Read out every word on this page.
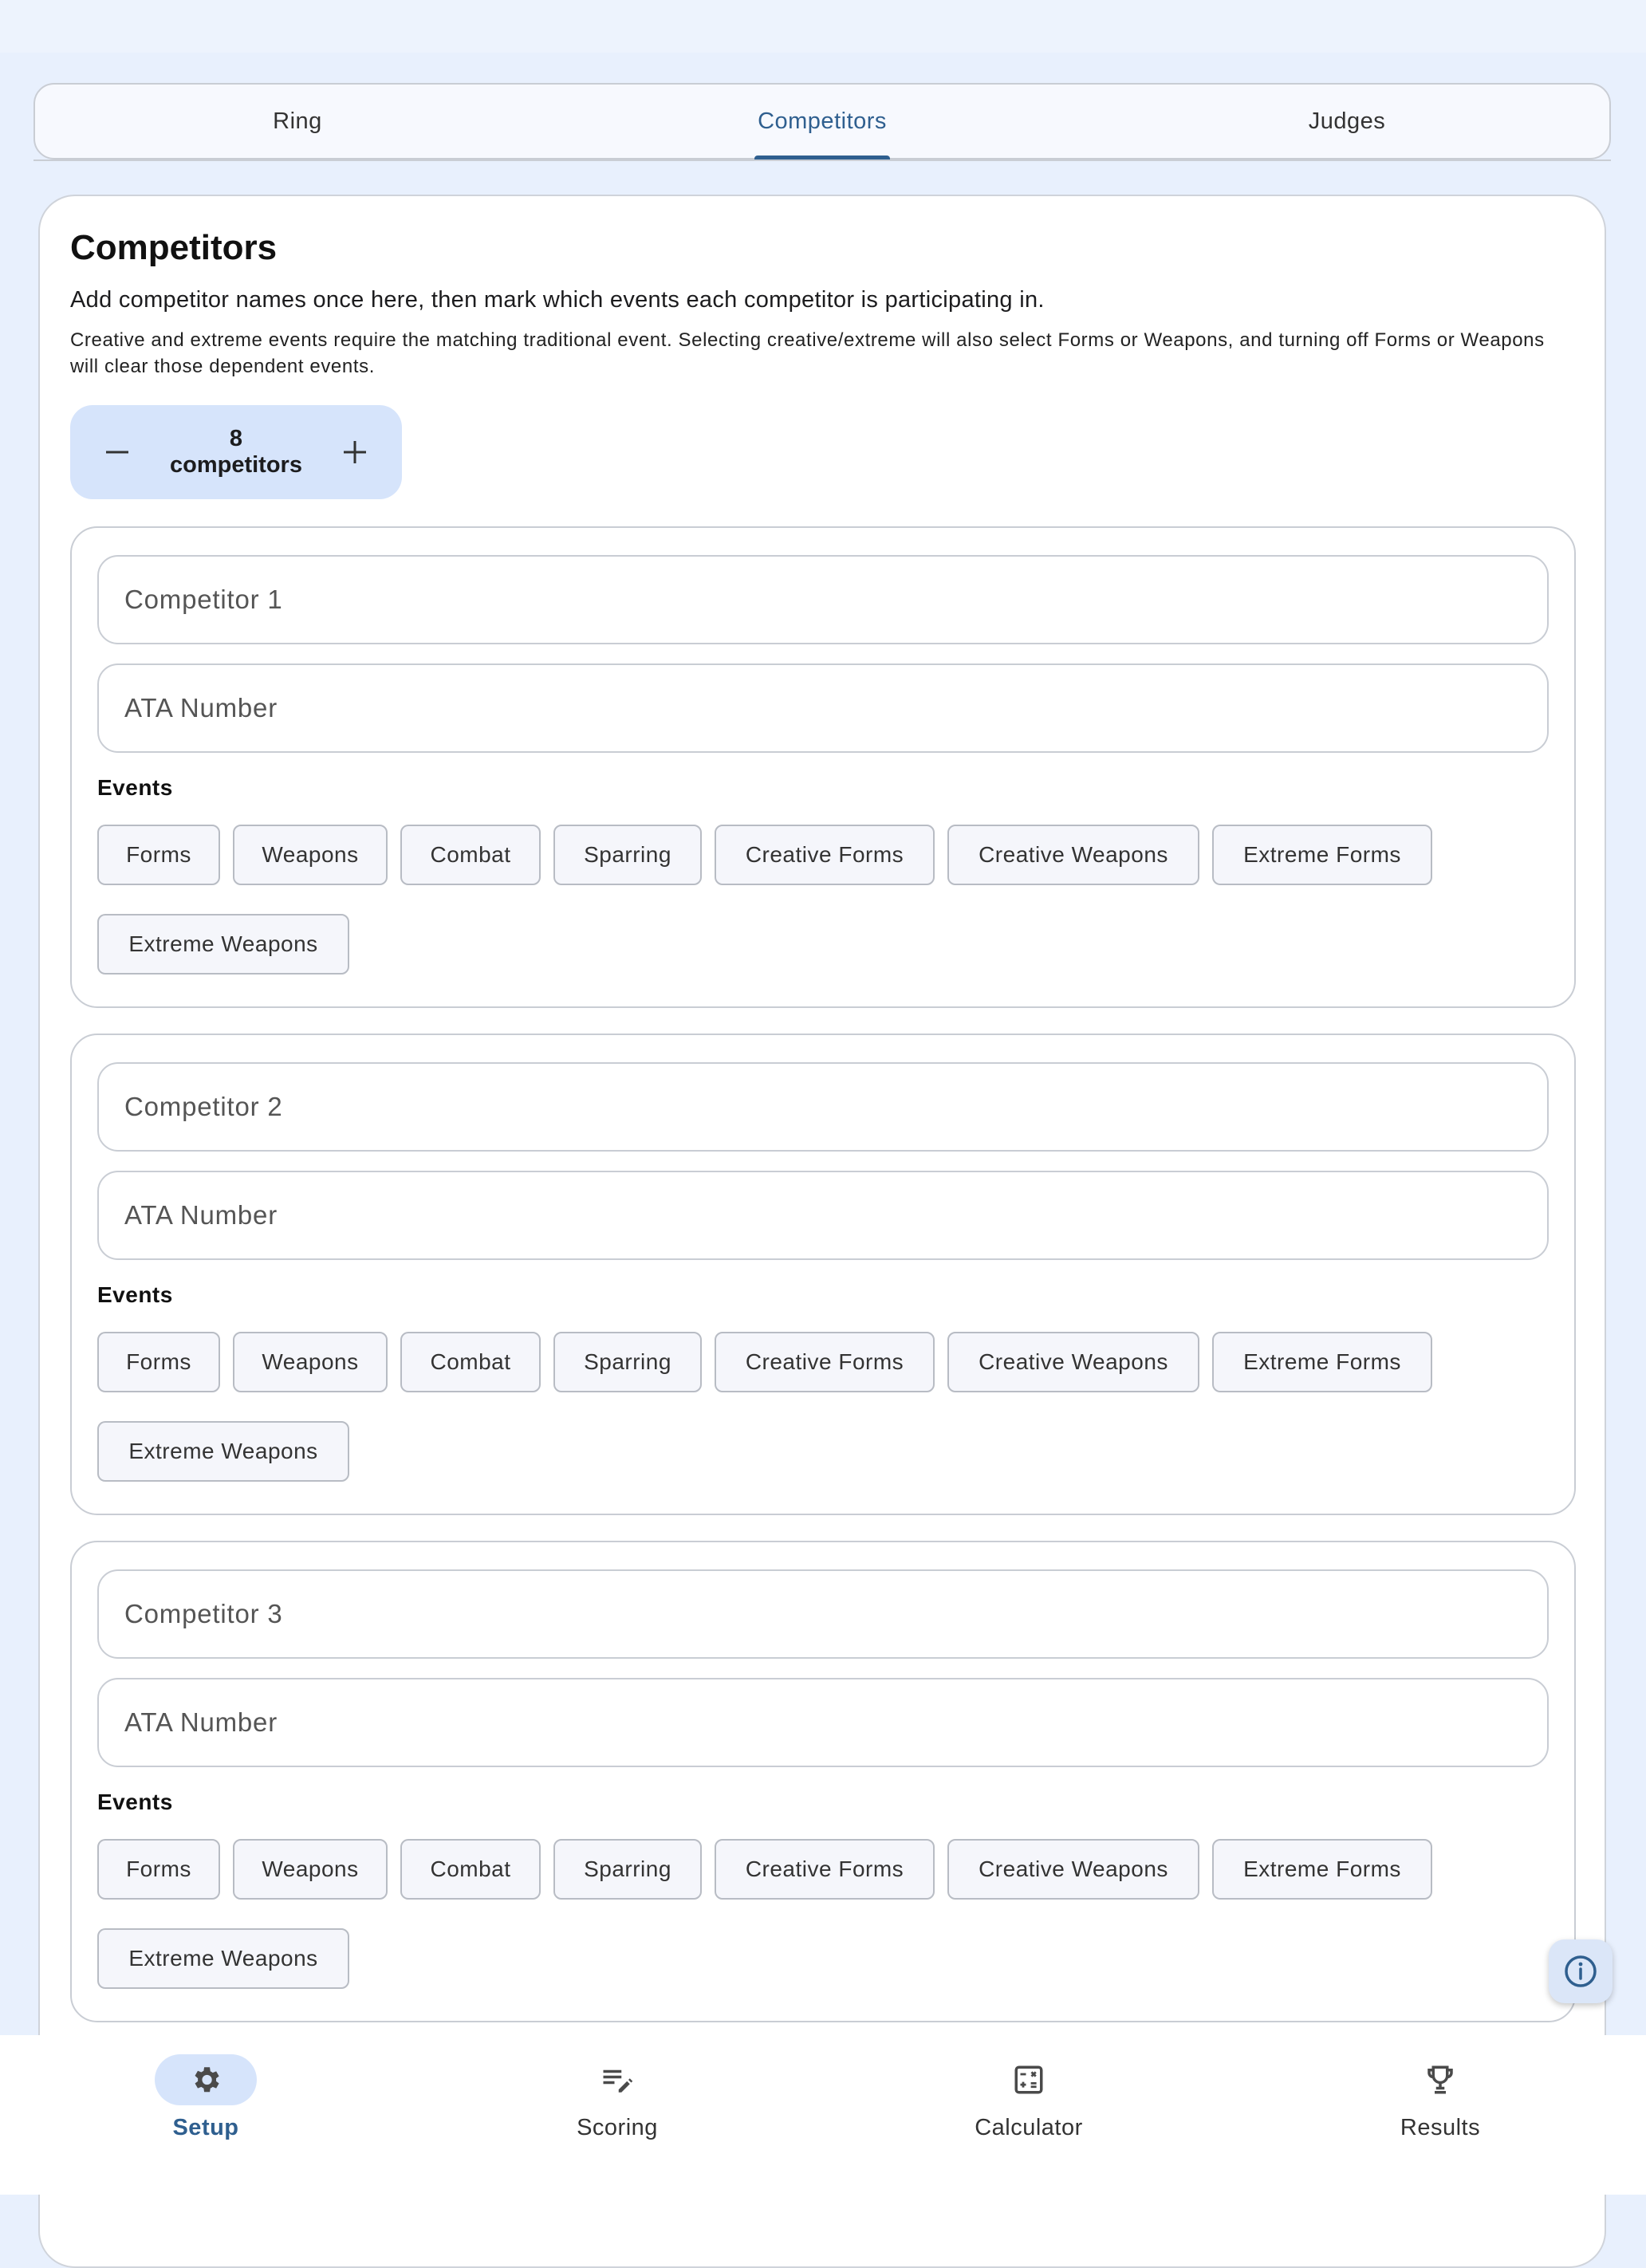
Ring	Competitors	Judges
Competitors
Add competitor names once here, then mark which events each competitor is participating in.
Creative and extreme events require the matching traditional event. Selecting creative/extreme will also select Forms or Weapons, and turning off Forms or Weapons will clear those dependent events.
8 competitors
Competitor 1
ATA Number
Events
Forms	Weapons	Combat	Sparring	Creative Forms	Creative Weapons	Extreme Forms
Extreme Weapons
Competitor 2
ATA Number
Events
Forms	Weapons	Combat	Sparring	Creative Forms	Creative Weapons	Extreme Forms
Extreme Weapons
Competitor 3
ATA Number
Events
Forms	Weapons	Combat	Sparring	Creative Forms	Creative Weapons	Extreme Forms
Extreme Weapons
Setup	Scoring	Calculator	Results
